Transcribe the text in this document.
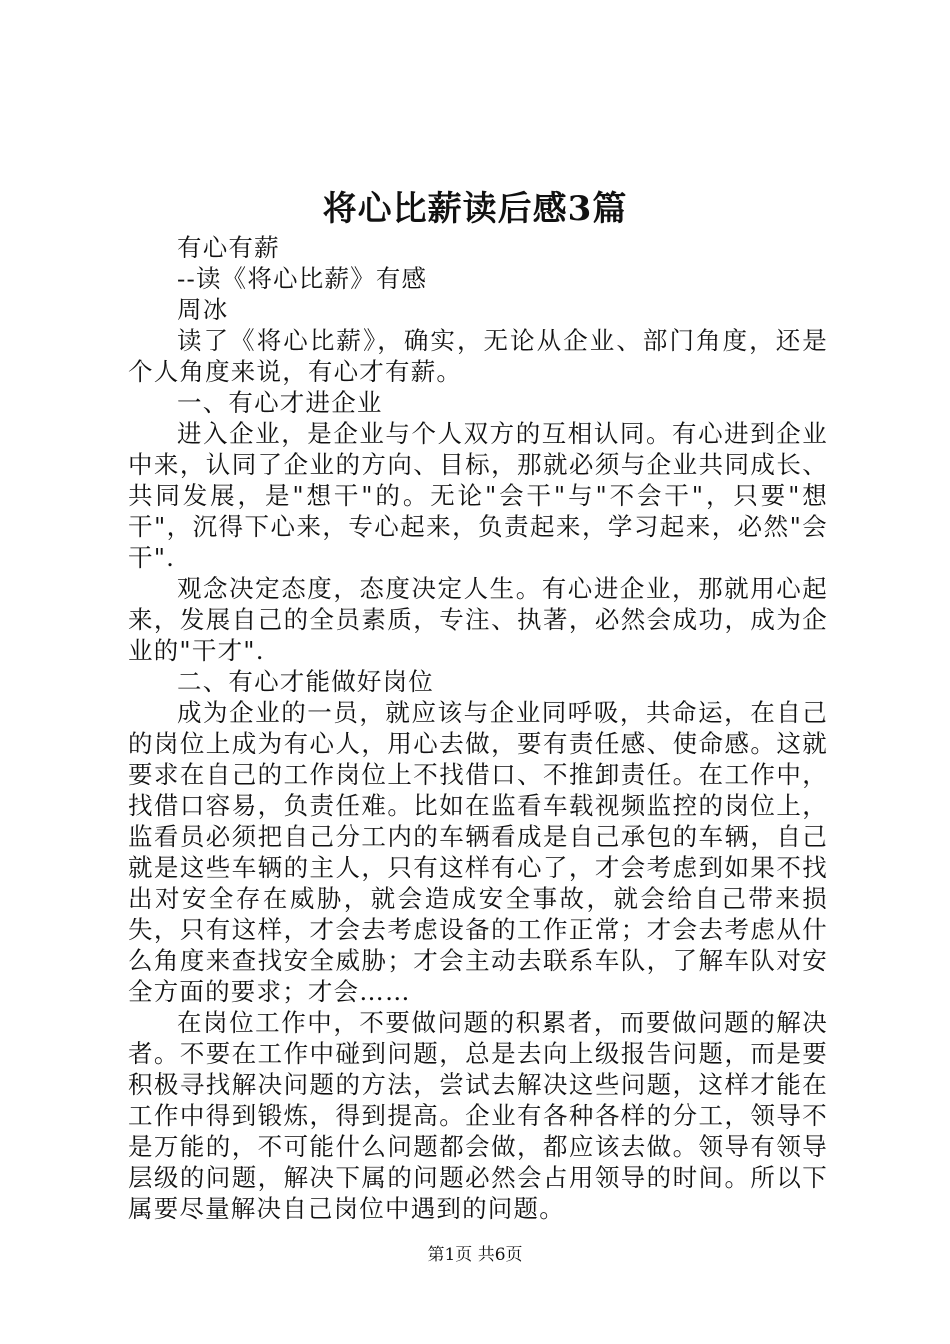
将心比薪读后感3篇

有心有薪

--读《将心比薪》有感

周冰

读了《将心比薪》，确实，无论从企业、部门角度，还是个人角度来说，有心才有薪。

一、有心才进企业

进入企业，是企业与个人双方的互相认同。有心进到企业中来，认同了企业的方向、目标，那就必须与企业共同成长、共同发展，是"想干"的。无论"会干"与"不会干"，只要"想干"，沉得下心来，专心起来，负责起来，学习起来，必然"会干".

观念决定态度，态度决定人生。有心进企业，那就用心起来，发展自己的全员素质，专注、执著，必然会成功，成为企业的"干才".

二、有心才能做好岗位

成为企业的一员，就应该与企业同呼吸，共命运，在自己的岗位上成为有心人，用心去做，要有责任感、使命感。这就要求在自己的工作岗位上不找借口、不推卸责任。在工作中，找借口容易，负责任难。比如在监看车载视频监控的岗位上，监看员必须把自己分工内的车辆看成是自己承包的车辆，自己就是这些车辆的主人，只有这样有心了，才会考虑到如果不找出对安全存在威胁，就会造成安全事故，就会给自己带来损失，只有这样，才会去考虑设备的工作正常；才会去考虑从什么角度来查找安全威胁；才会主动去联系车队，了解车队对安全方面的要求；才会……

在岗位工作中，不要做问题的积累者，而要做问题的解决者。不要在工作中碰到问题，总是去向上级报告问题，而是要积极寻找解决问题的方法，尝试去解决这些问题，这样才能在工作中得到锻炼，得到提高。企业有各种各样的分工，领导不是万能的，不可能什么问题都会做，都应该去做。领导有领导层级的问题，解决下属的问题必然会占用领导的时间。所以下属要尽量解决自己岗位中遇到的问题。

第1页 共6页
